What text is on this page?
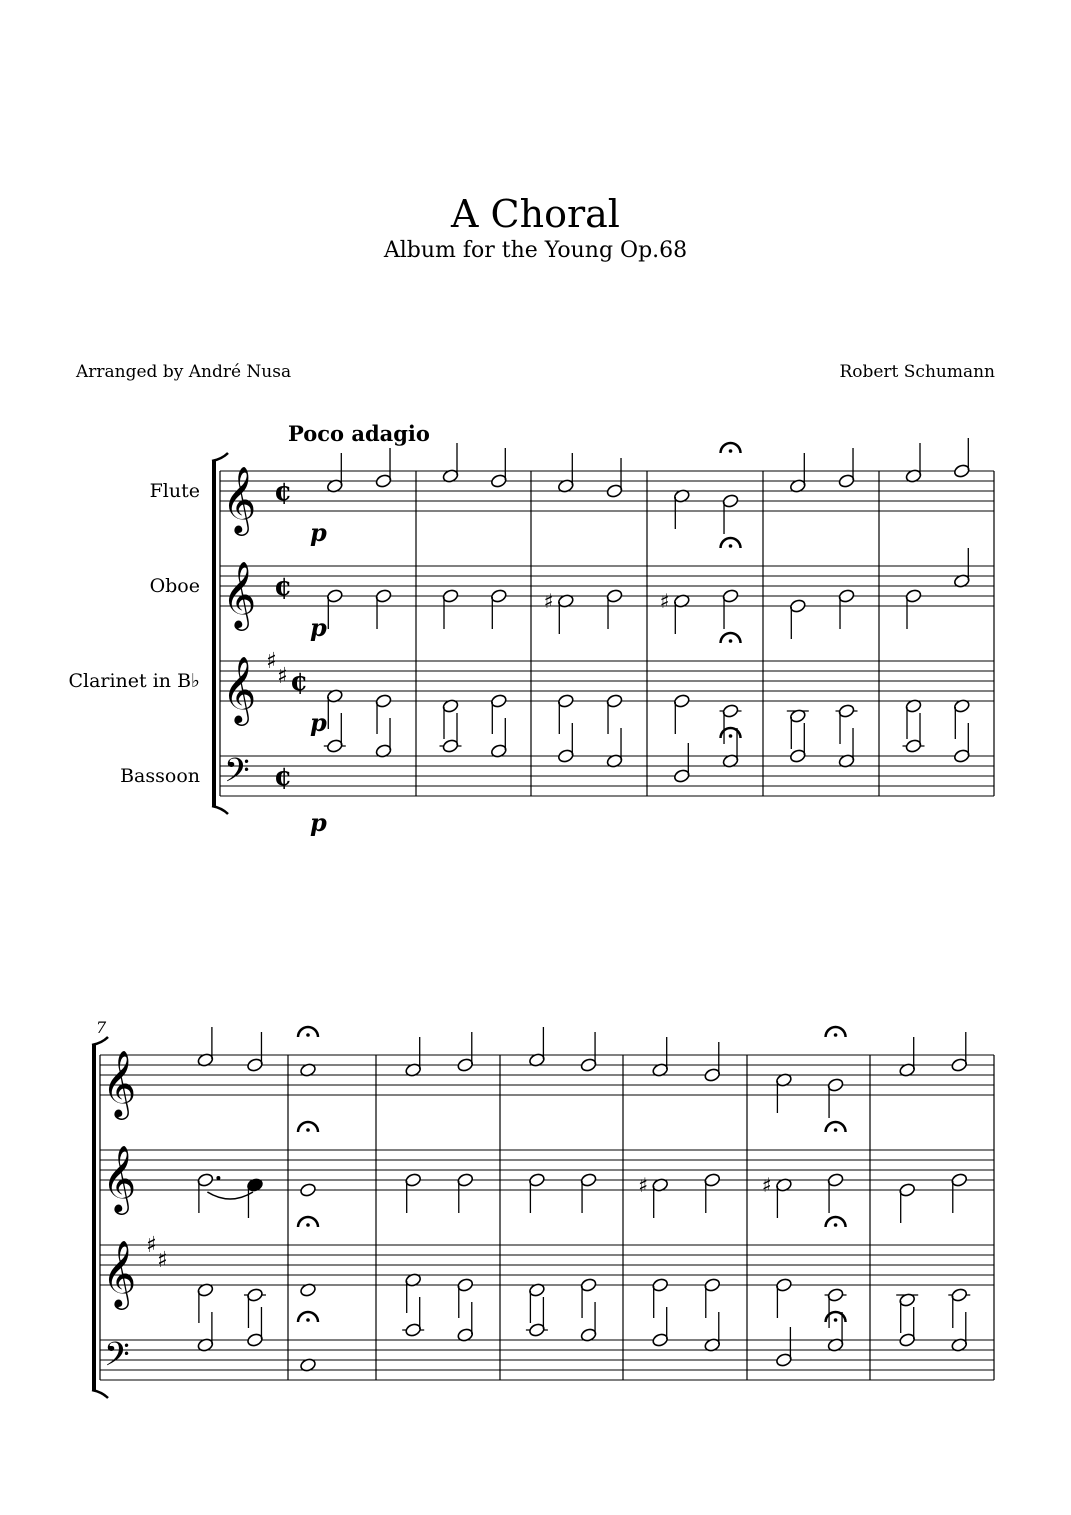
A Choral
Album for the Young Op.68
Arranged by André Nusa	Robert Schumann
Poco adagio
Flute 𝄞 ¢
p
Oboe 𝄞 ¢
p
♯	♯
Clarinet in B♭ 𝄞 ♯
♯ ¢
p
Bassoon 𝄢 ¢
p
7
𝄞
𝄞	♯	♯
𝄞 ♯
♯
𝄢
